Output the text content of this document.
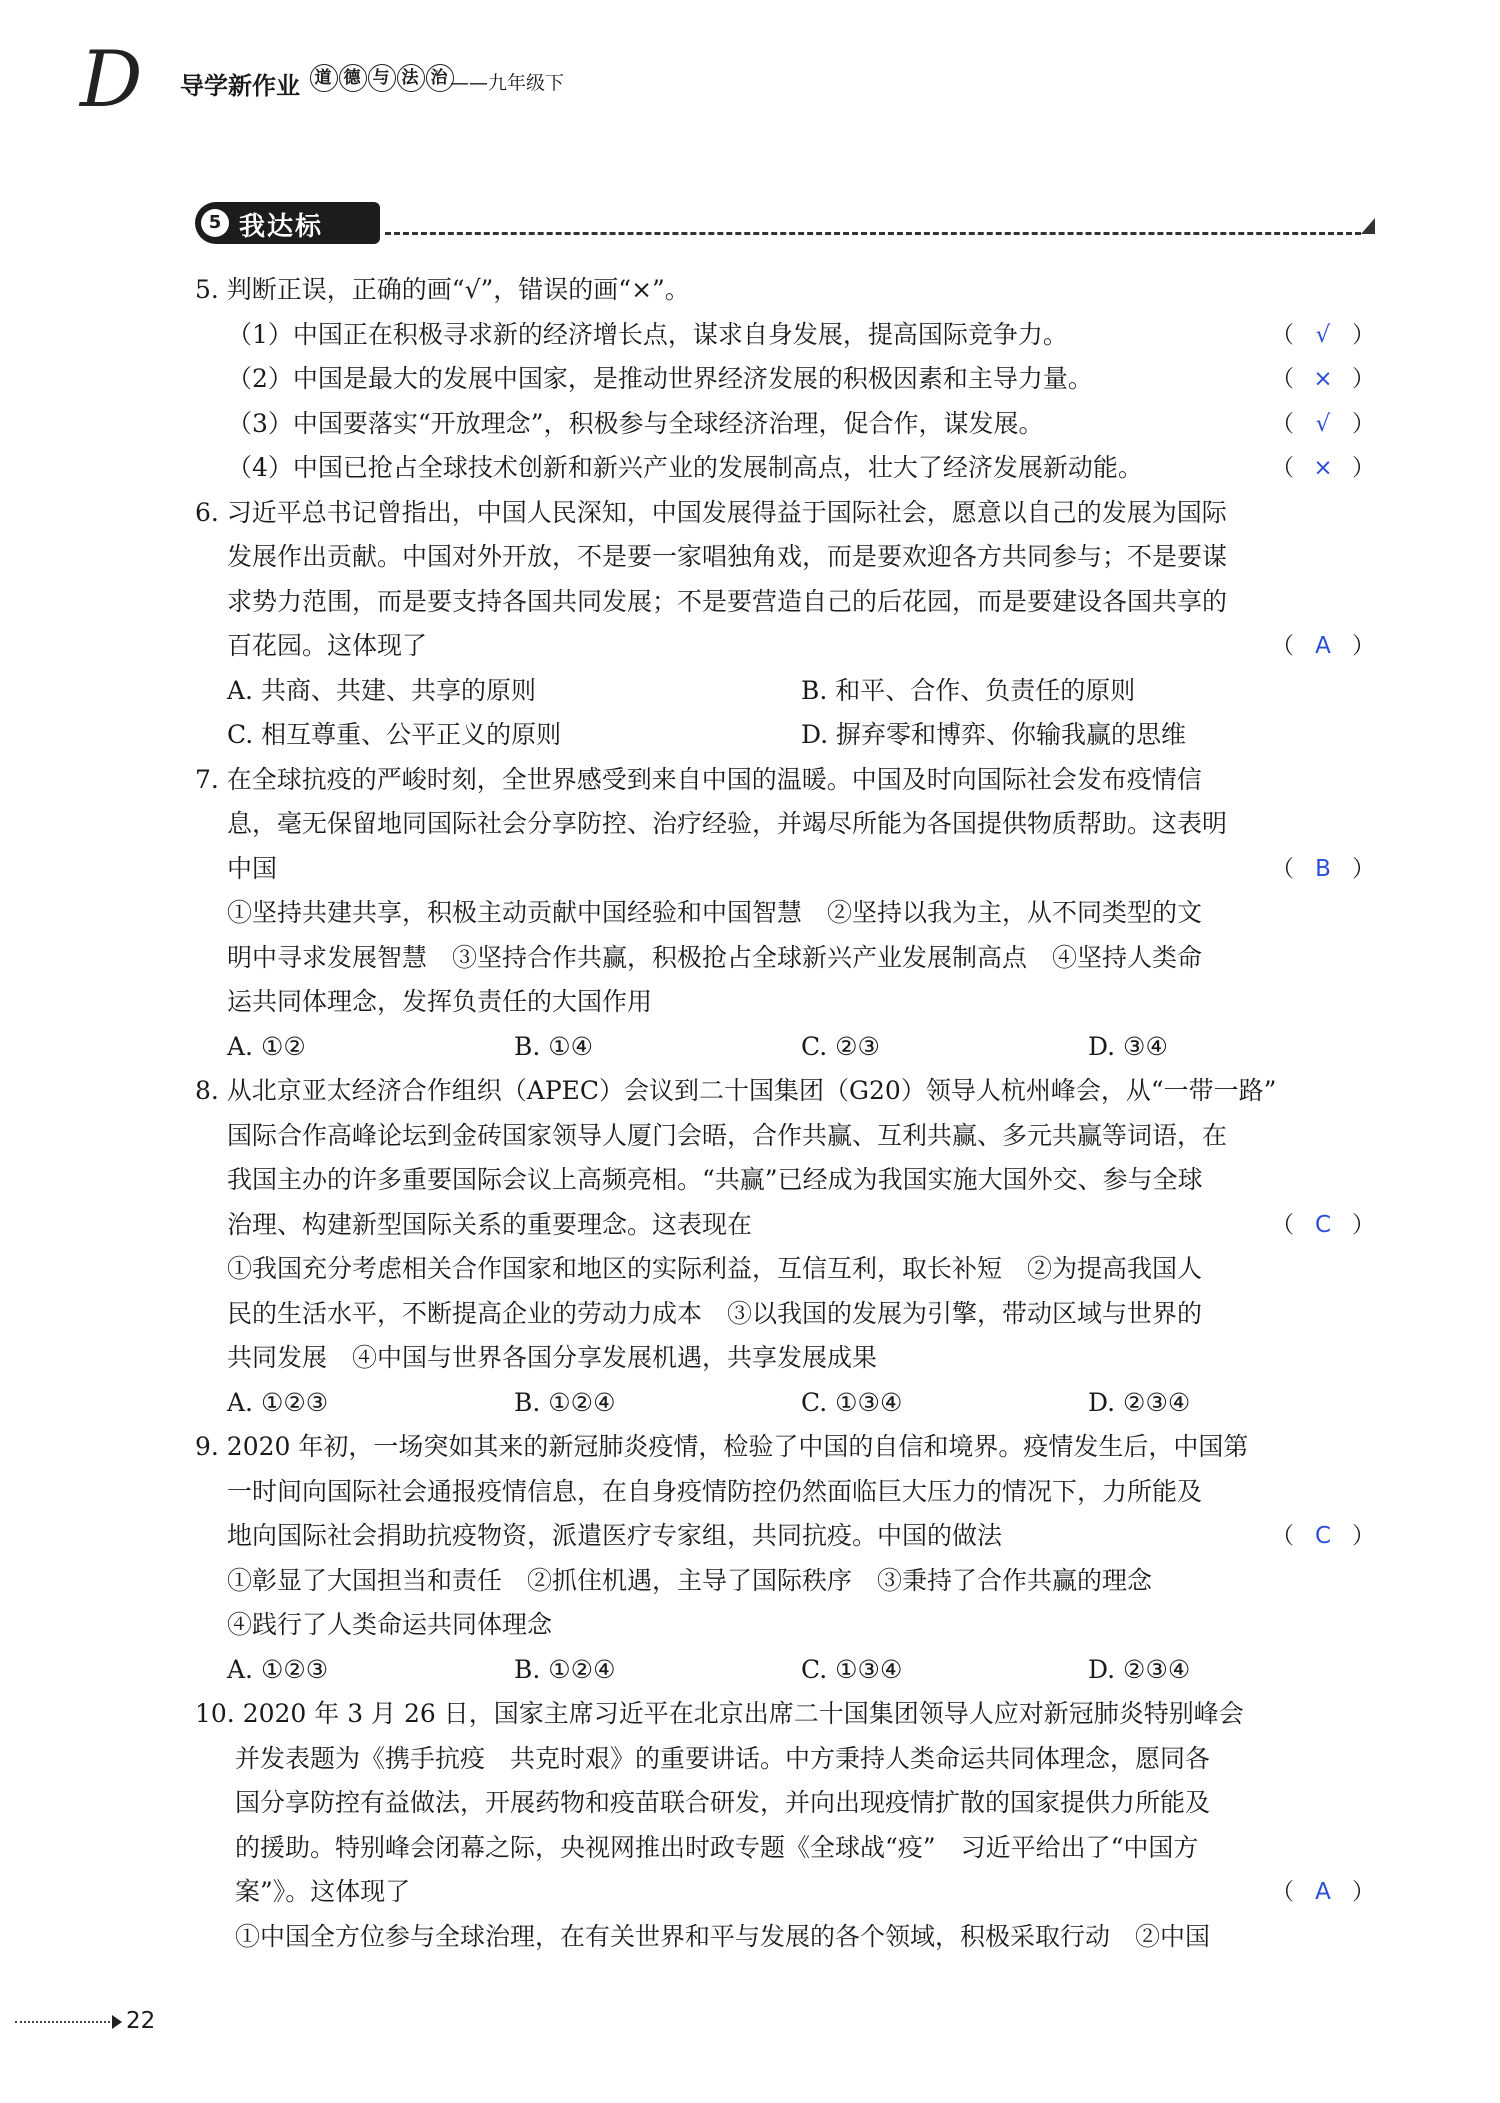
D 导学新作业 道 德 与 法 治 ——九年级下
5 我达标
5. 判断正误，正确的画“√”，错误的画“×”。
（1）中国正在积极寻求新的经济增长点，谋求自身发展，提高国际竞争力。	（ √ ）
（2）中国是最大的发展中国家，是推动世界经济发展的积极因素和主导力量。	（ × ）
（3）中国要落实“开放理念”，积极参与全球经济治理，促合作，谋发展。	（ √ ）
（4）中国已抢占全球技术创新和新兴产业的发展制高点，壮大了经济发展新动能。	（ × ）
6. 习近平总书记曾指出，中国人民深知，中国发展得益于国际社会，愿意以自己的发展为国际
发展作出贡献。中国对外开放，不是要一家唱独角戏，而是要欢迎各方共同参与；不是要谋
求势力范围，而是要支持各国共同发展；不是要营造自己的后花园，而是要建设各国共享的
百花园。这体现了	（ A ）
A. 共商、共建、共享的原则	B. 和平、合作、负责任的原则
C. 相互尊重、公平正义的原则	D. 摒弃零和博弈、你输我赢的思维
7. 在全球抗疫的严峻时刻，全世界感受到来自中国的温暖。中国及时向国际社会发布疫情信
息，毫无保留地同国际社会分享防控、治疗经验，并竭尽所能为各国提供物质帮助。这表明
中国	（ B ）
①坚持共建共享，积极主动贡献中国经验和中国智慧　②坚持以我为主，从不同类型的文
明中寻求发展智慧　③坚持合作共赢，积极抢占全球新兴产业发展制高点　④坚持人类命
运共同体理念，发挥负责任的大国作用
A. ①②	B. ①④	C. ②③	D. ③④
8. 从北京亚太经济合作组织（APEC）会议到二十国集团（G20）领导人杭州峰会，从“一带一路”
国际合作高峰论坛到金砖国家领导人厦门会晤，合作共赢、互利共赢、多元共赢等词语，在
我国主办的许多重要国际会议上高频亮相。“共赢”已经成为我国实施大国外交、参与全球
治理、构建新型国际关系的重要理念。这表现在	（ C ）
①我国充分考虑相关合作国家和地区的实际利益，互信互利，取长补短　②为提高我国人
民的生活水平，不断提高企业的劳动力成本　③以我国的发展为引擎，带动区域与世界的
共同发展　④中国与世界各国分享发展机遇，共享发展成果
A. ①②③	B. ①②④	C. ①③④	D. ②③④
9. 2020 年初，一场突如其来的新冠肺炎疫情，检验了中国的自信和境界。疫情发生后，中国第
一时间向国际社会通报疫情信息，在自身疫情防控仍然面临巨大压力的情况下，力所能及
地向国际社会捐助抗疫物资，派遣医疗专家组，共同抗疫。中国的做法	（ C ）
①彰显了大国担当和责任　②抓住机遇，主导了国际秩序　③秉持了合作共赢的理念
④践行了人类命运共同体理念
A. ①②③	B. ①②④	C. ①③④	D. ②③④
10. 2020 年 3 月 26 日，国家主席习近平在北京出席二十国集团领导人应对新冠肺炎特别峰会
并发表题为《携手抗疫　共克时艰》的重要讲话。中方秉持人类命运共同体理念，愿同各
国分享防控有益做法，开展药物和疫苗联合研发，并向出现疫情扩散的国家提供力所能及
的援助。特别峰会闭幕之际，央视网推出时政专题《全球战“疫”　习近平给出了“中国方
案”》。这体现了	（ A ）
①中国全方位参与全球治理，在有关世界和平与发展的各个领域，积极采取行动　②中国
22
